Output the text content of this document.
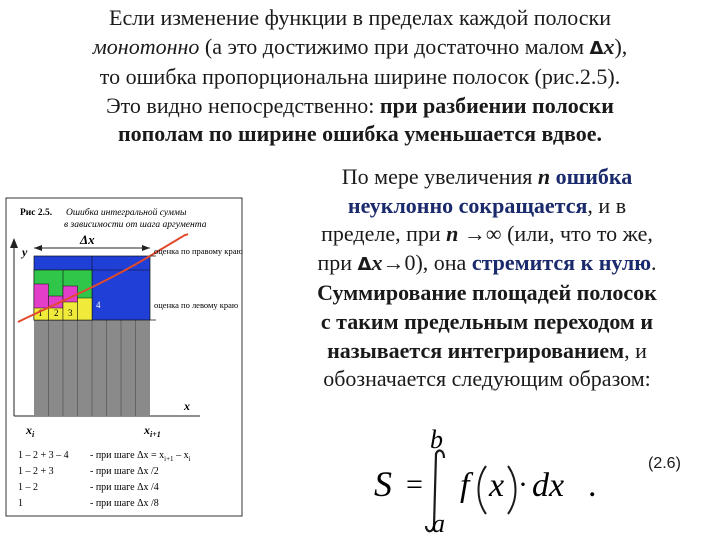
Если изменение функции в пределах каждой полоски
монотонно (а это достижимо при достаточно малом Δx),
то ошибка пропорциональна ширине полосок (рис.2.5).
Это видно непосредственно: при разбиении полоски
пополам по ширине ошибка уменьшается вдвое.
По мере увеличения n ошибка
неуклонно сокращается, и в
пределе, при n →∞ (или, что то же,
при Δx→0), она стремится к нулю.
Суммирование площадей полосок
с таким предельным переходом и
называется интегрированием, и
обозначается следующим образом:
S =
b
a
f x · dx .
(2.6)
Рис 2.5. Ошибка интегральной суммы
в зависимости от шага аргумента
y
x
Δx
1 2 3
4
оценка по правому краю
оценка по левому краю
$x_i$	$x_{i+1}$
1 – 2 + 3 – 4 - при шаге $\Delta x = x_{i+1} - x_i$
1 – 2 + 3	- при шаге Δx /2
1 – 2	- при шаге Δx /4
1	- при шаге Δx /8
